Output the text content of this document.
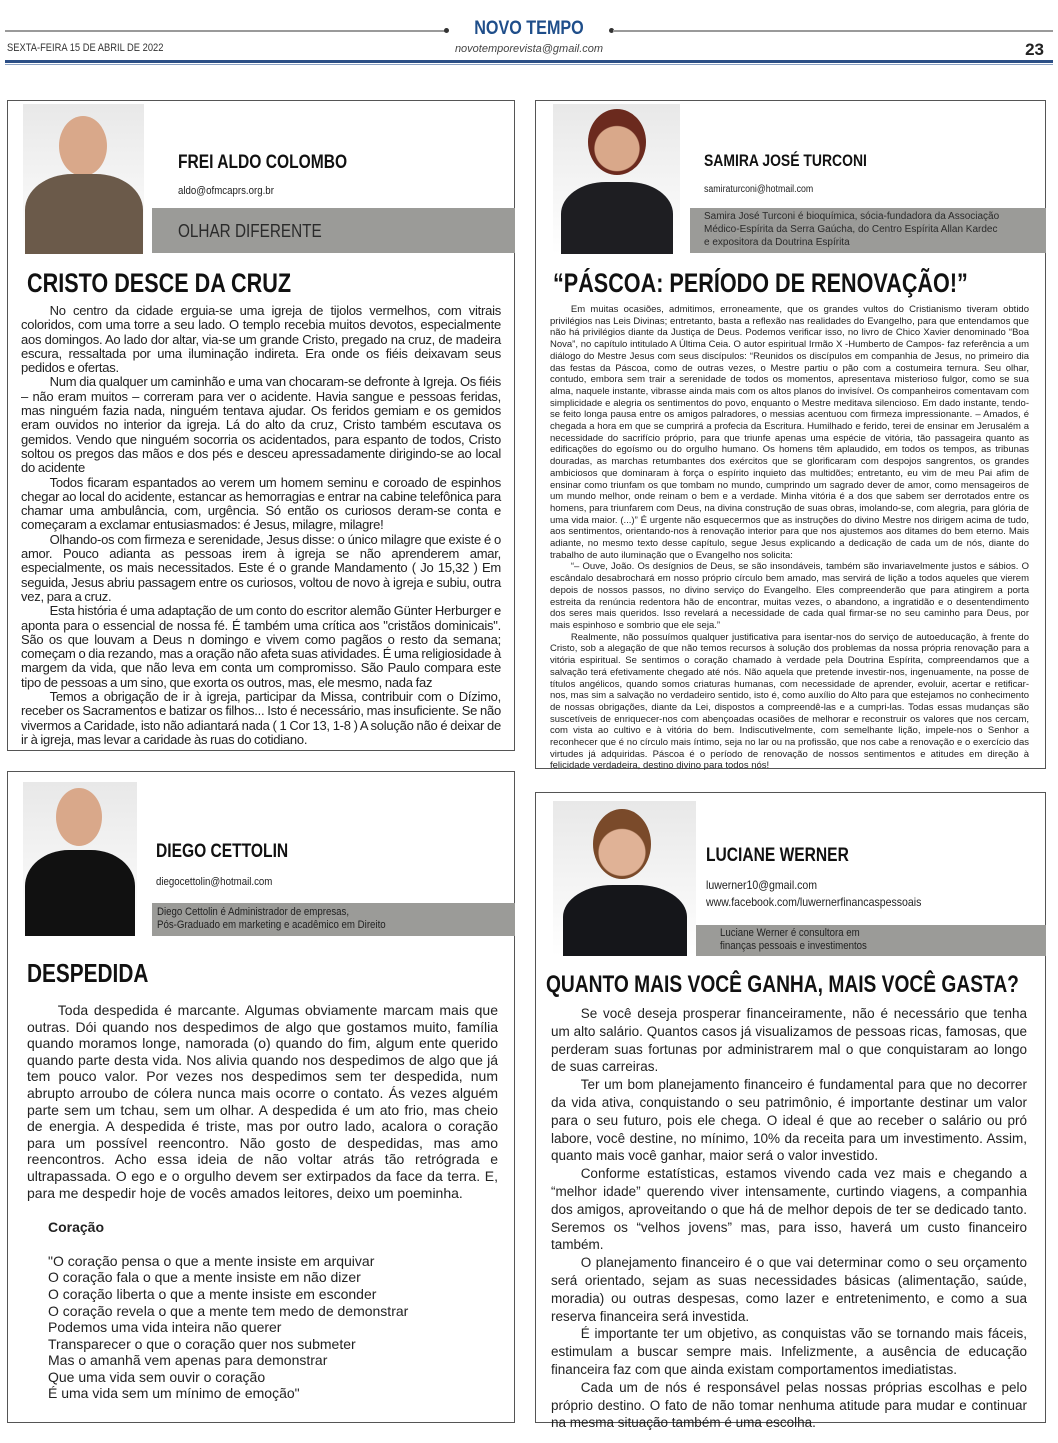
NOVO TEMPO
SEXTA-FEIRA 15 DE ABRIL DE 2022	novotemporevista@gmail.com	23
FREI ALDO COLOMBO
aldo@ofmcaprs.org.br
OLHAR DIFERENTE
CRISTO DESCE DA CRUZ

No centro da cidade erguia-se uma igreja de tijolos vermelhos, com vitrais coloridos, com uma torre a seu lado. O templo recebia muitos devotos, especialmente aos domingos. Ao lado dor altar, via-se um grande Cristo, pregado na cruz, de madeira escura, ressaltada por uma iluminação indireta. Era onde os fiéis deixavam seus pedidos e ofertas.

Num dia qualquer um caminhão e uma van chocaram-se defronte à Igreja. Os fiéis – não eram muitos – correram para ver o acidente. Havia sangue e pessoas feridas, mas ninguém fazia nada, ninguém tentava ajudar. Os feridos gemiam e os gemidos eram ouvidos no interior da igreja. Lá do alto da cruz, Cristo também escutava os gemidos. Vendo que ninguém socorria os acidentados, para espanto de todos, Cristo soltou os pregos das mãos e dos pés e desceu apressadamente dirigindo-se ao local do acidente

Todos ficaram espantados ao verem um homem seminu e coroado de espinhos chegar ao local do acidente, estancar as hemorragias e entrar na cabine telefônica para chamar uma ambulância, com, urgência. Só então os curiosos deram-se conta e começaram a exclamar entusiasmados: é Jesus, milagre, milagre!

Olhando-os com firmeza e serenidade, Jesus disse: o único milagre que existe é o amor. Pouco adianta as pessoas irem à igreja se não aprenderem amar, especialmente, os mais necessitados. Este é o grande Mandamento ( Jo 15,32 ) Em seguida, Jesus abriu passagem entre os curiosos, voltou de novo à igreja e subiu, outra vez, para a cruz.

Esta história é uma adaptação de um conto do escritor alemão Günter Herburger e aponta para o essencial de nossa fé. É também uma crítica aos "cristãos dominicais". São os que louvam a Deus n domingo e vivem como pagãos o resto da semana; começam o dia rezando, mas a oração não afeta suas atividades. É uma religiosidade à margem da vida, que não leva em conta um compromisso. São Paulo compara este tipo de pessoas a um sino, que exorta os outros, mas, ele mesmo, nada faz

Temos a obrigação de ir à igreja, participar da Missa, contribuir com o Dízimo, receber os Sacramentos e batizar os filhos... Isto é necessário, mas insuficiente. Se não vivermos a Caridade, isto não adiantará nada ( 1 Cor 13, 1-8 ) A solução não é deixar de ir à igreja, mas levar a caridade às ruas do cotidiano.

SAMIRA JOSÉ TURCONI
samiraturconi@hotmail.com
Samira José Turconi é bioquímica, sócia-fundadora da Associação Médico-Espírita da Serra Gaúcha, do Centro Espírita Allan Kardec e expositora da Doutrina Espírita
“PÁSCOA: PERÍODO DE RENOVAÇÃO!”

Em muitas ocasiões, admitimos, erroneamente, que os grandes vultos do Cristianismo tiveram obtido privilégios nas Leis Divinas; entretanto, basta a reflexão nas realidades do Evangelho, para que entendamos que não há privilégios diante da Justiça de Deus. Podemos verificar isso, no livro de Chico Xavier denominado “Boa Nova”, no capítulo intitulado A Última Ceia. O autor espiritual Irmão X -Humberto de Campos- faz referência a um diálogo do Mestre Jesus com seus discípulos: “Reunidos os discípulos em companhia de Jesus, no primeiro dia das festas da Páscoa, como de outras vezes, o Mestre partiu o pão com a costumeira ternura. Seu olhar, contudo, embora sem trair a serenidade de todos os momentos, apresentava misterioso fulgor, como se sua alma, naquele instante, vibrasse ainda mais com os altos planos do invisível. Os companheiros comentavam com simplicidade e alegria os sentimentos do povo, enquanto o Mestre meditava silencioso. Em dado instante, tendo-se feito longa pausa entre os amigos palradores, o messias acentuou com firmeza impressionante. – Amados, é chegada a hora em que se cumprirá a profecia da Escritura. Humilhado e ferido, terei de ensinar em Jerusalém a necessidade do sacrifício próprio, para que triunfe apenas uma espécie de vitória, tão passageira quanto as edificações do egoísmo ou do orgulho humano. Os homens têm aplaudido, em todos os tempos, as tribunas douradas, as marchas retumbantes dos exércitos que se glorificaram com despojos sangrentos, os grandes ambiciosos que dominaram à força o espírito inquieto das multidões; entretanto, eu vim de meu Pai afim de ensinar como triunfam os que tombam no mundo, cumprindo um sagrado dever de amor, como mensageiros de um mundo melhor, onde reinam o bem e a verdade. Minha vitória é a dos que sabem ser derrotados entre os homens, para triunfarem com Deus, na divina construção de suas obras, imolando-se, com alegria, para glória de uma vida maior. (...)” É urgente não esquecermos que as instruções do divino Mestre nos dirigem acima de tudo, aos sentimentos, orientando-nos à renovação interior para que nos ajustemos aos ditames do bem eterno. Mais adiante, no mesmo texto desse capítulo, segue Jesus explicando a dedicação de cada um de nós, diante do trabalho de auto iluminação que o Evangelho nos solicita:

“– Ouve, João. Os desígnios de Deus, se são insondáveis, também são invariavelmente justos e sábios. O escândalo desabrochará em nosso próprio círculo bem amado, mas servirá de lição a todos aqueles que vierem depois de nossos passos, no divino serviço do Evangelho. Eles compreenderão que para atingirem a porta estreita da renúncia redentora hão de encontrar, muitas vezes, o abandono, a ingratidão e o desentendimento dos seres mais queridos. Isso revelará a necessidade de cada qual firmar-se no seu caminho para Deus, por mais espinhoso e sombrio que ele seja.”

Realmente, não possuímos qualquer justificativa para isentar-nos do serviço de autoeducação, à frente do Cristo, sob a alegação de que não temos recursos à solução dos problemas da nossa própria renovação para a vitória espiritual. Se sentimos o coração chamado à verdade pela Doutrina Espírita, compreendamos que a salvação terá efetivamente chegado até nós. Não aquela que pretende investir-nos, ingenuamente, na posse de títulos angélicos, quando somos criaturas humanas, com necessidade de aprender, evoluir, acertar e retificar-nos, mas sim a salvação no verdadeiro sentido, isto é, como auxílio do Alto para que estejamos no conhecimento de nossas obrigações, diante da Lei, dispostos a compreendê-las e a cumpri-las. Todas essas mudanças são suscetíveis de enriquecer-nos com abençoadas ocasiões de melhorar e reconstruir os valores que nos cercam, com vista ao cultivo e à vitória do bem. Indiscutivelmente, com semelhante lição, impele-nos o Senhor a reconhecer que é no círculo mais íntimo, seja no lar ou na profissão, que nos cabe a renovação e o exercício das virtudes já adquiridas. Páscoa é o período de renovação de nossos sentimentos e atitudes em direção à felicidade verdadeira, destino divino para todos nós!

DIEGO CETTOLIN
diegocettolin@hotmail.com
Diego Cettolin é Administrador de empresas,
Pós-Graduado em marketing e acadêmico em Direito
DESPEDIDA

Toda despedida é marcante. Algumas obviamente marcam mais que outras. Dói quando nos despedimos de algo que gostamos muito, família quando moramos longe, namorada (o) quando do fim, algum ente querido quando parte desta vida. Nos alivia quando nos despedimos de algo que já tem pouco valor. Por vezes nos despedimos sem ter despedida, num abrupto arroubo de cólera nunca mais ocorre o contato. Ás vezes alguém parte sem um tchau, sem um olhar. A despedida é um ato frio, mas cheio de energia. A despedida é triste, mas por outro lado, acalora o coração para um possível reencontro. Não gosto de despedidas, mas amo reencontros. Acho essa ideia de não voltar atrás tão retrógrada e ultrapassada. O ego e o orgulho devem ser extirpados da face da terra. E, para me despedir hoje de vocês amados leitores, deixo um poeminha.

Coração

"O coração pensa o que a mente insiste em arquivar
O coração fala o que a mente insiste em não dizer
O coração liberta o que a mente insiste em esconder
O coração revela o que a mente tem medo de demonstrar
Podemos uma vida inteira não querer
Transparecer o que o coração quer nos submeter
Mas o amanhã vem apenas para demonstrar
Que uma vida sem ouvir o coração
É uma vida sem um mínimo de emoção"
LUCIANE WERNER
luwerner10@gmail.com
www.facebook.com/luwernerfinancaspessoais
Luciane Werner é consultora em
finanças pessoais e investimentos
QUANTO MAIS VOCÊ GANHA, MAIS VOCÊ GASTA?

Se você deseja prosperar financeiramente, não é necessário que tenha um alto salário. Quantos casos já visualizamos de pessoas ricas, famosas, que perderam suas fortunas por administrarem mal o que conquistaram ao longo de suas carreiras.

Ter um bom planejamento financeiro é fundamental para que no decorrer da vida ativa, conquistando o seu patrimônio, é importante destinar um valor para o seu futuro, pois ele chega. O ideal é que ao receber o salário ou pró labore, você destine, no mínimo, 10% da receita para um investimento. Assim, quanto mais você ganhar, maior será o valor investido.

Conforme estatísticas, estamos vivendo cada vez mais e chegando a “melhor idade” querendo viver intensamente, curtindo viagens, a companhia dos amigos, aproveitando o que há de melhor depois de ter se dedicado tanto. Seremos os “velhos jovens” mas, para isso, haverá um custo financeiro também.

O planejamento financeiro é o que vai determinar como o seu orçamento será orientado, sejam as suas necessidades básicas (alimentação, saúde, moradia) ou outras despesas, como lazer e entretenimento, e como a sua reserva financeira será investida.

É importante ter um objetivo, as conquistas vão se tornando mais fáceis, estimulam a buscar sempre mais. Infelizmente, a ausência de educação financeira faz com que ainda existam comportamentos imediatistas.

Cada um de nós é responsável pelas nossas próprias escolhas e pelo próprio destino. O fato de não tomar nenhuma atitude para mudar e continuar na mesma situação também é uma escolha.
